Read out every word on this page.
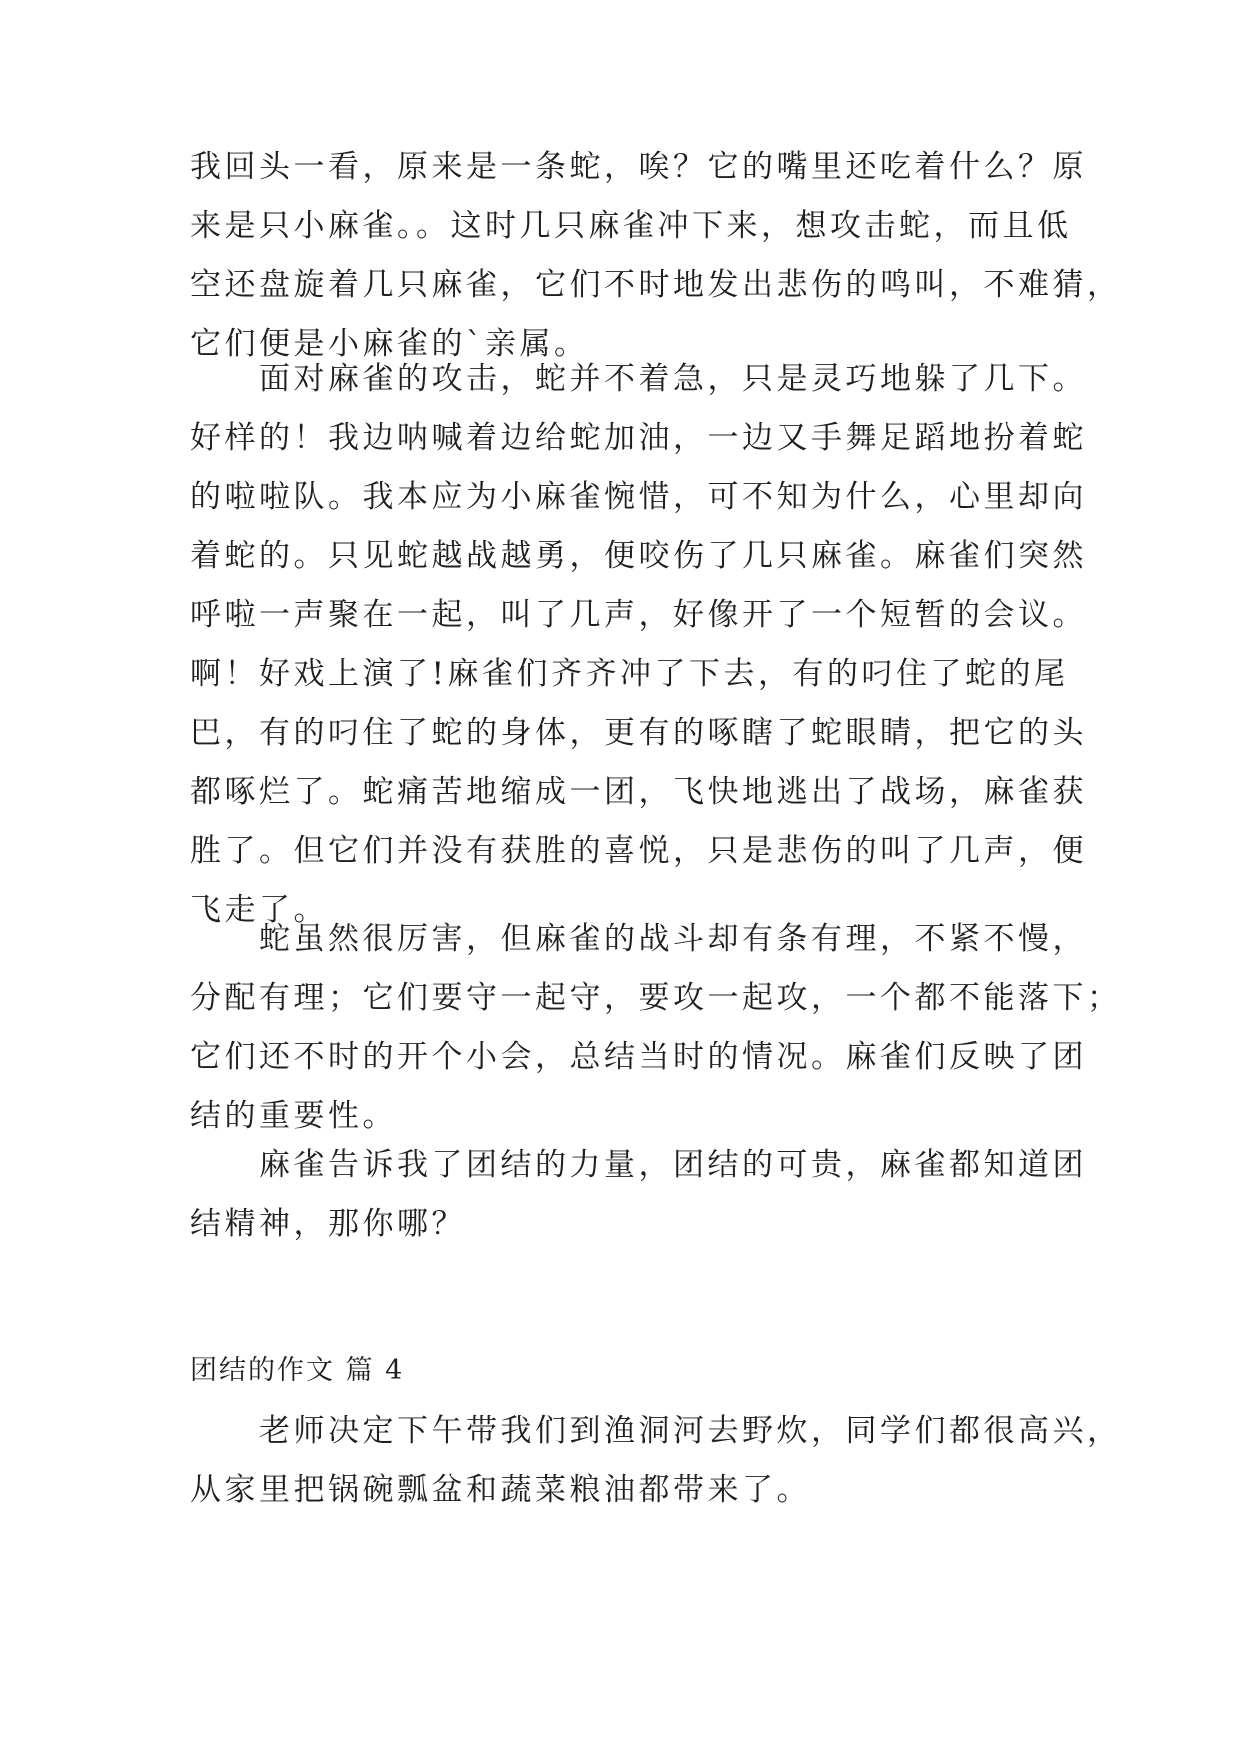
我回头一看，原来是一条蛇，唉？它的嘴里还吃着什么？原
来是只小麻雀。。这时几只麻雀冲下来，想攻击蛇，而且低
空还盘旋着几只麻雀，它们不时地发出悲伤的鸣叫，不难猜，
它们便是小麻雀的`亲属。
　　面对麻雀的攻击，蛇并不着急，只是灵巧地躲了几下。
好样的！我边呐喊着边给蛇加油，一边又手舞足蹈地扮着蛇
的啦啦队。我本应为小麻雀惋惜，可不知为什么，心里却向
着蛇的。只见蛇越战越勇，便咬伤了几只麻雀。麻雀们突然
呼啦一声聚在一起，叫了几声，好像开了一个短暂的会议。
啊！好戏上演了!麻雀们齐齐冲了下去，有的叼住了蛇的尾
巴，有的叼住了蛇的身体，更有的啄瞎了蛇眼睛，把它的头
都啄烂了。蛇痛苦地缩成一团，飞快地逃出了战场，麻雀获
胜了。但它们并没有获胜的喜悦，只是悲伤的叫了几声，便
飞走了。
　　蛇虽然很厉害，但麻雀的战斗却有条有理，不紧不慢，
分配有理；它们要守一起守，要攻一起攻，一个都不能落下；
它们还不时的开个小会，总结当时的情况。麻雀们反映了团
结的重要性。
　　麻雀告诉我了团结的力量，团结的可贵，麻雀都知道团
结精神，那你哪？
团结的作文 篇 4
　　老师决定下午带我们到渔洞河去野炊，同学们都很高兴，
从家里把锅碗瓢盆和蔬菜粮油都带来了。
